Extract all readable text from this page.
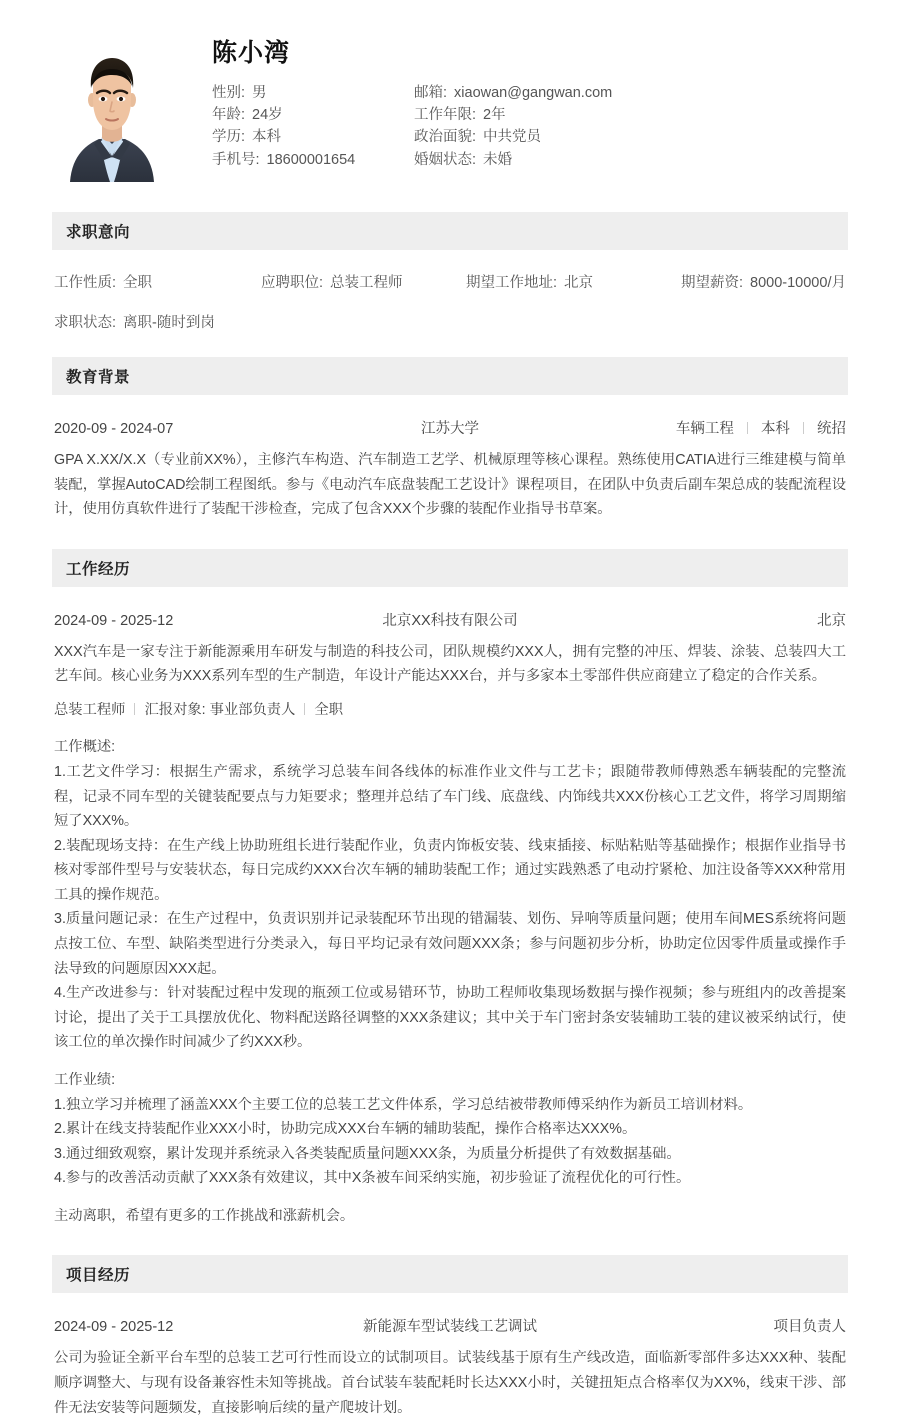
陈小湾
性别: 男
年龄: 24岁
学历: 本科
手机号: 18600001654
邮箱: xiaowan@gangwan.com
工作年限: 2年
政治面貌: 中共党员
婚姻状态: 未婚
求职意向
工作性质: 全职	应聘职位: 总装工程师	期望工作地址: 北京	期望薪资: 8000-10000/月
求职状态: 离职-随时到岗
教育背景
2020-09 - 2024-07	江苏大学	车辆工程 本科 统招

GPA X.XX/X.X（专业前XX%），主修汽车构造、汽车制造工艺学、机械原理等核心课程。熟练使用CATIA进行三维建模与简单装配，掌握AutoCAD绘制工程图纸。参与《电动汽车底盘装配工艺设计》课程项目，在团队中负责后副车架总成的装配流程设计，使用仿真软件进行了装配干涉检查，完成了包含XXX个步骤的装配作业指导书草案。

工作经历
2024-09 - 2025-12	北京XX科技有限公司	北京

XXX汽车是一家专注于新能源乘用车研发与制造的科技公司，团队规模约XXX人，拥有完整的冲压、焊装、涂装、总装四大工艺车间。核心业务为XXX系列车型的生产制造，年设计产能达XXX台，并与多家本土零部件供应商建立了稳定的合作关系。

总装工程师 汇报对象: 事业部负责人 全职
工作概述:
1.工艺文件学习：根据生产需求，系统学习总装车间各线体的标准作业文件与工艺卡；跟随带教师傅熟悉车辆装配的完整流程，记录不同车型的关键装配要点与力矩要求；整理并总结了车门线、底盘线、内饰线共XXX份核心工艺文件，将学习周期缩短了XXX%。
2.装配现场支持：在生产线上协助班组长进行装配作业，负责内饰板安装、线束插接、标贴粘贴等基础操作；根据作业指导书核对零部件型号与安装状态，每日完成约XXX台次车辆的辅助装配工作；通过实践熟悉了电动拧紧枪、加注设备等XXX种常用工具的操作规范。
3.质量问题记录：在生产过程中，负责识别并记录装配环节出现的错漏装、划伤、异响等质量问题；使用车间MES系统将问题点按工位、车型、缺陷类型进行分类录入，每日平均记录有效问题XXX条；参与问题初步分析，协助定位因零件质量或操作手法导致的问题原因XXX起。
4.生产改进参与：针对装配过程中发现的瓶颈工位或易错环节，协助工程师收集现场数据与操作视频；参与班组内的改善提案讨论，提出了关于工具摆放优化、物料配送路径调整的XXX条建议；其中关于车门密封条安装辅助工装的建议被采纳试行，使该工位的单次操作时间减少了约XXX秒。
工作业绩:
1.独立学习并梳理了涵盖XXX个主要工位的总装工艺文件体系，学习总结被带教师傅采纳作为新员工培训材料。
2.累计在线支持装配作业XXX小时，协助完成XXX台车辆的辅助装配，操作合格率达XXX%。
3.通过细致观察，累计发现并系统录入各类装配质量问题XXX条，为质量分析提供了有效数据基础。
4.参与的改善活动贡献了XXX条有效建议，其中X条被车间采纳实施，初步验证了流程优化的可行性。
主动离职，希望有更多的工作挑战和涨薪机会。
项目经历
2024-09 - 2025-12	新能源车型试装线工艺调试	项目负责人

公司为验证全新平台车型的总装工艺可行性而设立的试制项目。试装线基于原有生产线改造，面临新零部件多达XXX种、装配顺序调整大、与现有设备兼容性未知等挑战。首台试装车装配耗时长达XXX小时，关键扭矩点合格率仅为XX%，线束干涉、部件无法安装等问题频发，直接影响后续的量产爬坡计划。
